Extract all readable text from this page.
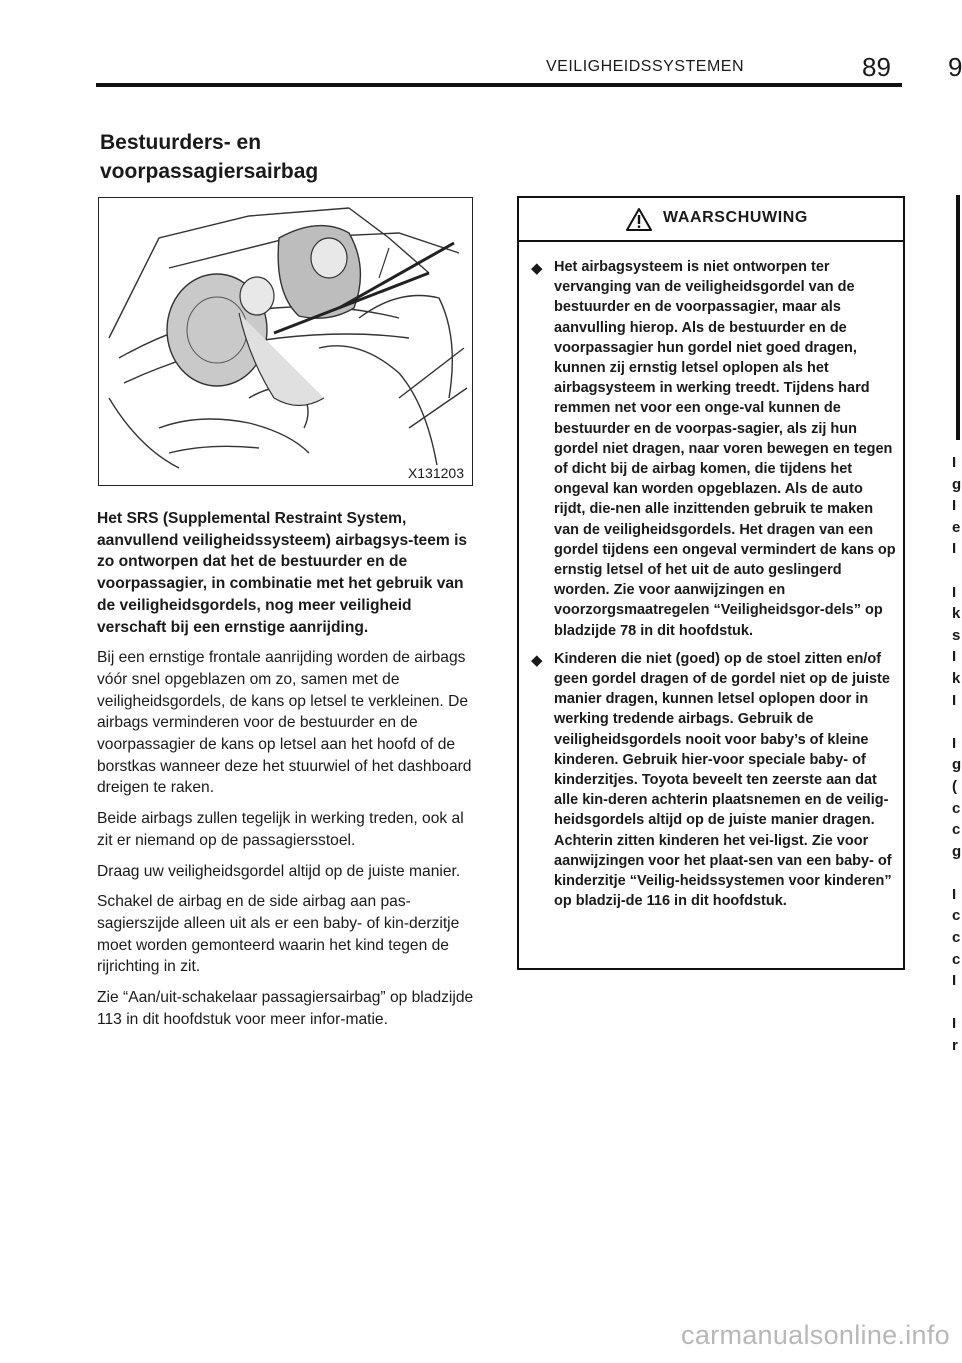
VEILIGHEIDSSYSTEMEN	89 9
Bestuurders- en
voorpassagiersairbag
X131203

Het SRS (Supplemental Restraint System, aanvullend veiligheidssysteem) airbagsys-teem is zo ontworpen dat het de bestuurder en de voorpassagier, in combinatie met het gebruik van de veiligheidsgordels, nog meer veiligheid verschaft bij een ernstige aanrijding.

Bij een ernstige frontale aanrijding worden de airbags vóór snel opgeblazen om zo, samen met de veiligheidsgordels, de kans op letsel te verkleinen. De airbags verminderen voor de bestuurder en de voorpassagier de kans op letsel aan het hoofd of de borstkas wanneer deze het stuurwiel of het dashboard dreigen te raken.

Beide airbags zullen tegelijk in werking treden, ook al zit er niemand op de passagiersstoel.

Draag uw veiligheidsgordel altijd op de juiste manier.

Schakel de airbag en de side airbag aan pas-sagierszijde alleen uit als er een baby- of kin-derzitje moet worden gemonteerd waarin het kind tegen de rijrichting in zit.

Zie “Aan/uit-schakelaar passagiersairbag” op bladzijde 113 in dit hoofdstuk voor meer infor-matie.

WAARSCHUWING
◆ Het airbagsysteem is niet ontworpen ter vervanging van de veiligheidsgordel van de bestuurder en de voorpassagier, maar als aanvulling hierop. Als de bestuurder en de voorpassagier hun gordel niet goed dragen, kunnen zij ernstig letsel oplopen als het airbagsysteem in werking treedt. Tijdens hard remmen net voor een onge-val kunnen de bestuurder en de voorpas-sagier, als zij hun gordel niet dragen, naar voren bewegen en tegen of dicht bij de airbag komen, die tijdens het ongeval kan worden opgeblazen. Als de auto rijdt, die-nen alle inzittenden gebruik te maken van de veiligheidsgordels. Het dragen van een gordel tijdens een ongeval vermindert de kans op ernstig letsel of het uit de auto geslingerd worden. Zie voor aanwijzingen en voorzorgsmaatregelen “Veiligheidsgor-dels” op bladzijde 78 in dit hoofdstuk.
◆ Kinderen die niet (goed) op de stoel zitten en/of geen gordel dragen of de gordel niet op de juiste manier dragen, kunnen letsel oplopen door in werking tredende airbags. Gebruik de veiligheidsgordels nooit voor baby’s of kleine kinderen. Gebruik hier-voor speciale baby- of kinderzitjes. Toyota beveelt ten zeerste aan dat alle kin-deren achterin plaatsnemen en de veilig-heidsgordels altijd op de juiste manier dragen. Achterin zitten kinderen het vei-ligst. Zie voor aanwijzingen voor het plaat-sen van een baby- of kinderzitje “Veilig-heidssystemen voor kinderen” op bladzij-de 116 in dit hoofdstuk.
I
g
I
e
I

I
k
s
I
k
I

I
g
(
c
c
g

I
c
c
c
I

I
r
carmanualsonline.info
